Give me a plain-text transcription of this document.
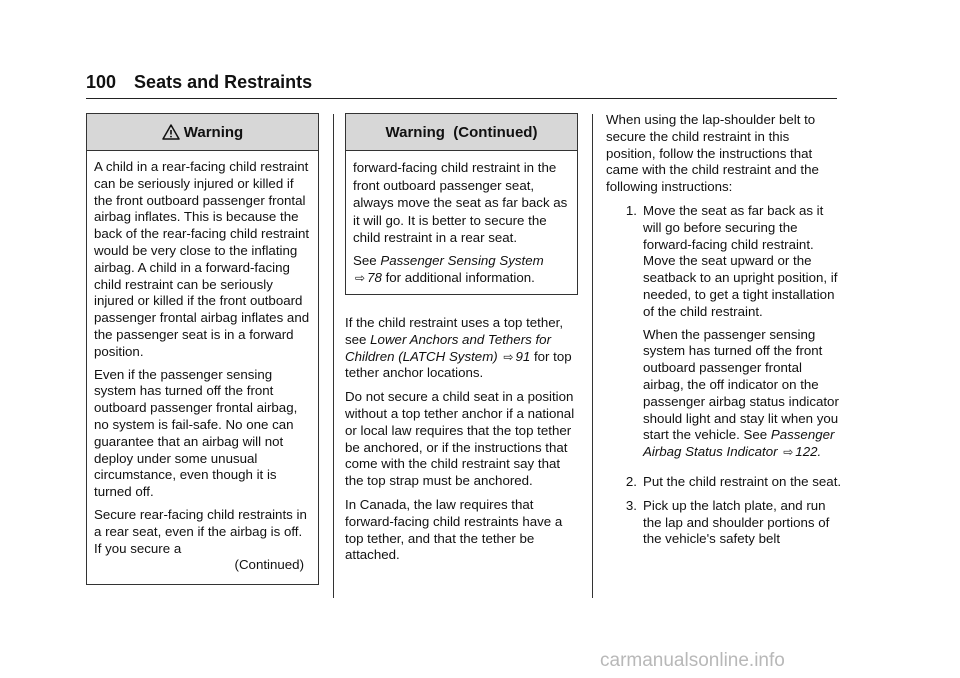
100 Seats and Restraints
Warning

A child in a rear-facing child restraint can be seriously injured or killed if the front outboard passenger frontal airbag inflates. This is because the back of the rear-facing child restraint would be very close to the inflating airbag. A child in a forward-facing child restraint can be seriously injured or killed if the front outboard passenger frontal airbag inflates and the passenger seat is in a forward position.

Even if the passenger sensing system has turned off the front outboard passenger frontal airbag, no system is fail-safe. No one can guarantee that an airbag will not deploy under some unusual circumstance, even though it is turned off.

Secure rear-facing child restraints in a rear seat, even if the airbag is off. If you secure a

(Continued)
Warning  (Continued)

forward-facing child restraint in the front outboard passenger seat, always move the seat as far back as it will go. It is better to secure the child restraint in a rear seat.

See Passenger Sensing System ⇨ 78 for additional information.

If the child restraint uses a top tether, see Lower Anchors and Tethers for Children (LATCH System) ⇨ 91 for top tether anchor locations.

Do not secure a child seat in a position without a top tether anchor if a national or local law requires that the top tether be anchored, or if the instructions that come with the child restraint say that the top strap must be anchored.

In Canada, the law requires that forward-facing child restraints have a top tether, and that the tether be attached.

When using the lap-shoulder belt to secure the child restraint in this position, follow the instructions that came with the child restraint and the following instructions:

1. Move the seat as far back as it will go before securing the forward-facing child restraint. Move the seat upward or the seatback to an upright position, if needed, to get a tight installation of the child restraint.

When the passenger sensing system has turned off the front outboard passenger frontal airbag, the off indicator on the passenger airbag status indicator should light and stay lit when you start the vehicle. See Passenger Airbag Status Indicator ⇨ 122.

2. Put the child restraint on the seat.
3. Pick up the latch plate, and run the lap and shoulder portions of the vehicle's safety belt
carmanualsonline.info
